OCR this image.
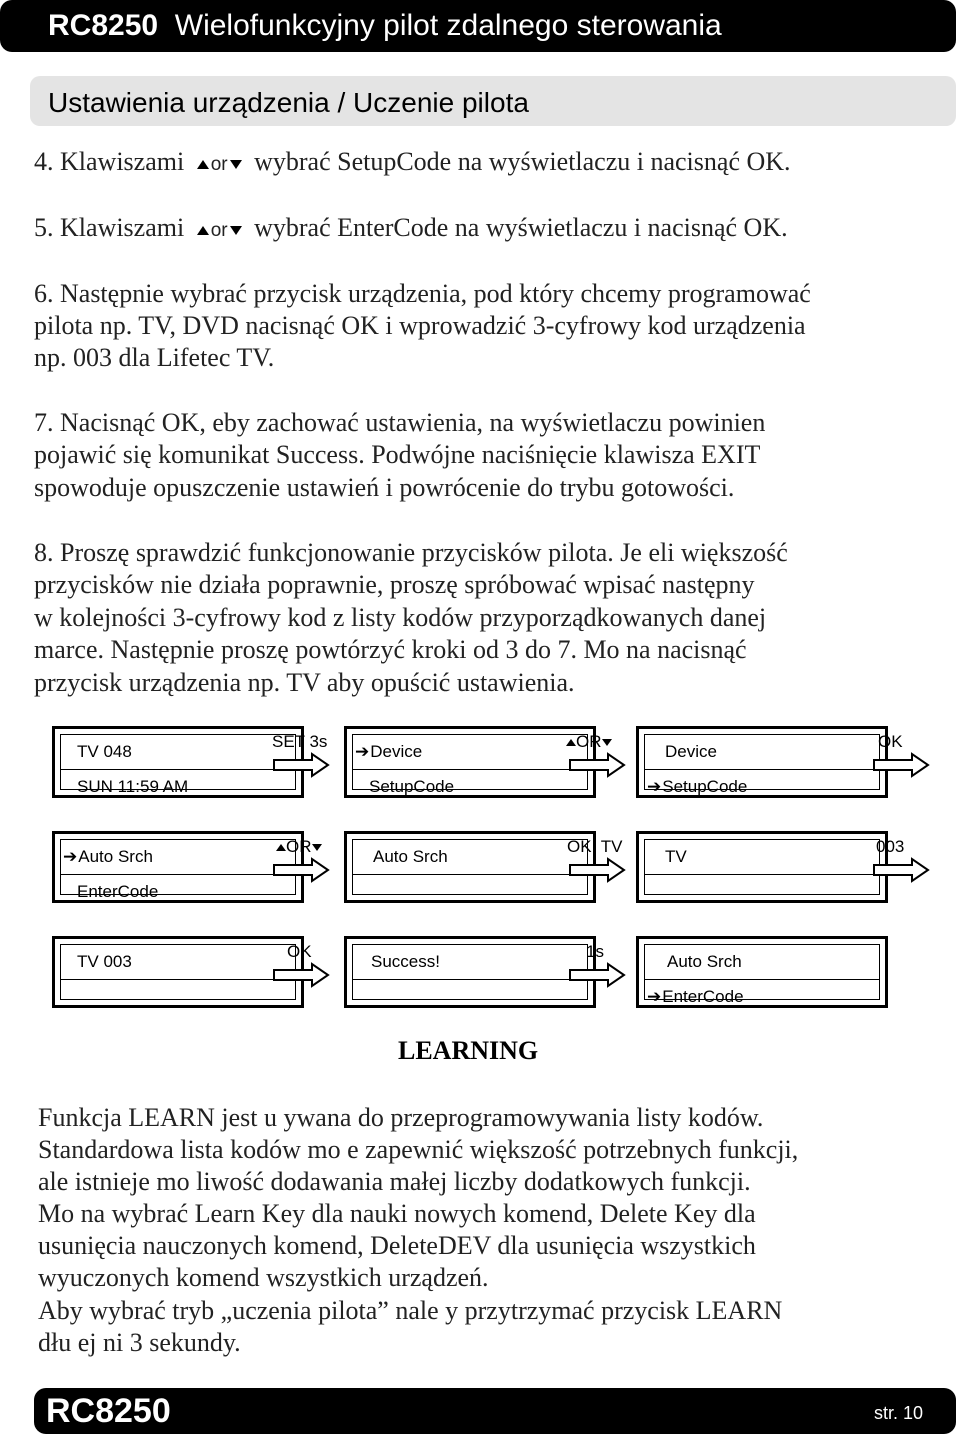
RC8250 Wielofunkcyjny pilot zdalnego sterowania
Ustawienia urządzenia / Uczenie pilota
4. Klawiszami or wybrać SetupCode na wyświetlaczu i nacisnąć OK.
5. Klawiszami or wybrać EnterCode na wyświetlaczu i nacisnąć OK.
6. Następnie wybrać przycisk urządzenia, pod który chcemy programować
pilota np. TV, DVD nacisnąć OK i wprowadzić 3-cyfrowy kod urządzenia
np. 003 dla Lifetec TV.
7. Nacisnąć OK, eby zachować ustawienia, na wyświetlaczu powinien
pojawić się komunikat Success. Podwójne naciśnięcie klawisza EXIT
spowoduje opuszczenie ustawień i powrócenie do trybu gotowości.
8. Proszę sprawdzić funkcjonowanie przycisków pilota. Je eli większość
przycisków nie działa poprawnie, proszę spróbować wpisać następny
w kolejności 3-cyfrowy kod z listy kodów przyporządkowanych danej
marce. Następnie proszę powtórzyć kroki od 3 do 7. Mo na nacisnąć
przycisk urządzenia np. TV aby opuścić ustawienia.
TV 048
SUN 11:59 AM
SET 3s
➔Device
SetupCode
OR
Device
➔SetupCode
OK
➔Auto Srch
EnterCode
OR
Auto Srch
OK. TV
TV
003
TV 003
OK
Success!
1s
Auto Srch
➔EnterCode
LEARNING
Funkcja LEARN jest u ywana do przeprogramowywania listy kodów.
Standardowa lista kodów mo e zapewnić większość potrzebnych funkcji,
ale istnieje mo liwość dodawania małej liczby dodatkowych funkcji.
Mo na wybrać Learn Key dla nauki nowych komend, Delete Key dla
usunięcia nauczonych komend, DeleteDEV dla usunięcia wszystkich
wyuczonych komend wszystkich urządzeń.
Aby wybrać tryb „uczenia pilota” nale y przytrzymać przycisk LEARN
dłu ej ni 3 sekundy.
RC8250	str. 10
